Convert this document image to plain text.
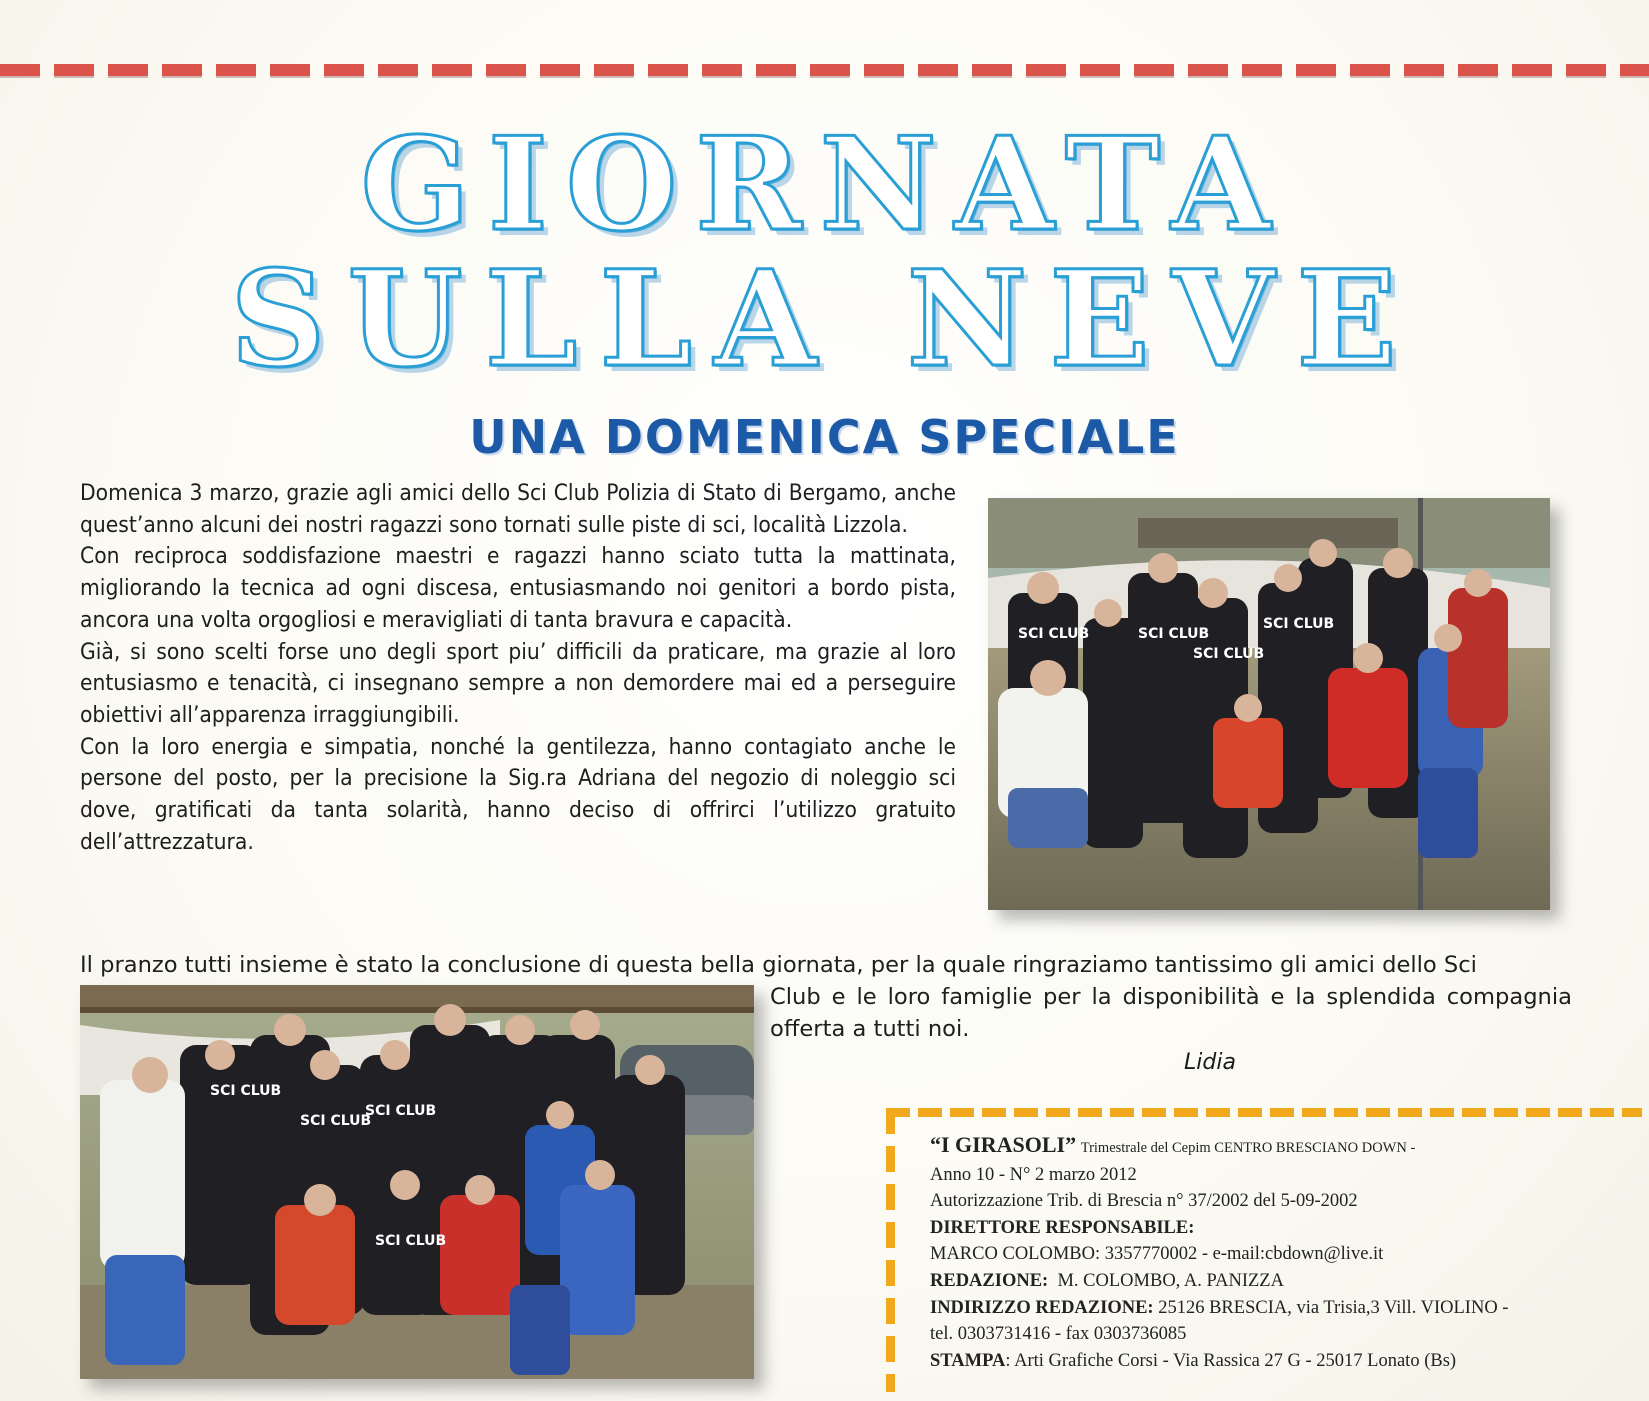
GIORNATA
SULLA NEVE
UNA DOMENICA SPECIALE

Domenica 3 marzo, grazie agli amici dello Sci Club Polizia di Stato di Bergamo, anche quest’anno alcuni dei nostri ragazzi sono tornati sulle piste di sci, località Lizzola.

Con reciproca soddisfazione maestri e ragazzi hanno sciato tutta la mattinata, migliorando la tecnica ad ogni discesa, entusiasmando noi genitori a bordo pista, ancora una volta orgogliosi e meravigliati di tanta bravura e capacità.

Già, si sono scelti forse uno degli sport piu’ difficili da praticare, ma grazie al loro entusiasmo e tenacità, ci insegnano sempre a non demordere mai ed a perseguire obiettivi all’apparenza irraggiungibili.

Con la loro energia e simpatia, nonché la gentilezza, hanno contagiato anche le persone del posto, per la precisione la Sig.ra Adriana del negozio di noleggio sci dove, gratificati da tanta solarità, hanno deciso di offrirci l’utilizzo gratuito dell’attrezzatura.

Il pranzo tutti insieme è stato la conclusione di questa bella giornata, per la quale ringraziamo tantissimo gli amici dello Sci
Club e le loro famiglie per la disponibilità e la splendida compagnia offerta a tutti noi.
Lidia
SCI CLUB	SCI CLUB
SCI CLUB
SCI CLUB
SCI CLUB
SCI CLUB
SCI CLUB
SCI CLUB
“I GIRASOLI” Trimestrale del Cepim CENTRO BRESCIANO DOWN -
Anno 10 - N° 2 marzo 2012
Autorizzazione Trib. di Brescia n° 37/2002 del 5-09-2002
DIRETTORE RESPONSABILE:
MARCO COLOMBO: 3357770002 - e-mail:cbdown@live.it
REDAZIONE: M. COLOMBO, A. PANIZZA
INDIRIZZO REDAZIONE: 25126 BRESCIA, via Trisia,3 Vill. VIOLINO -
tel. 0303731416 - fax 0303736085
STAMPA: Arti Grafiche Corsi - Via Rassica 27 G - 25017 Lonato (Bs)
